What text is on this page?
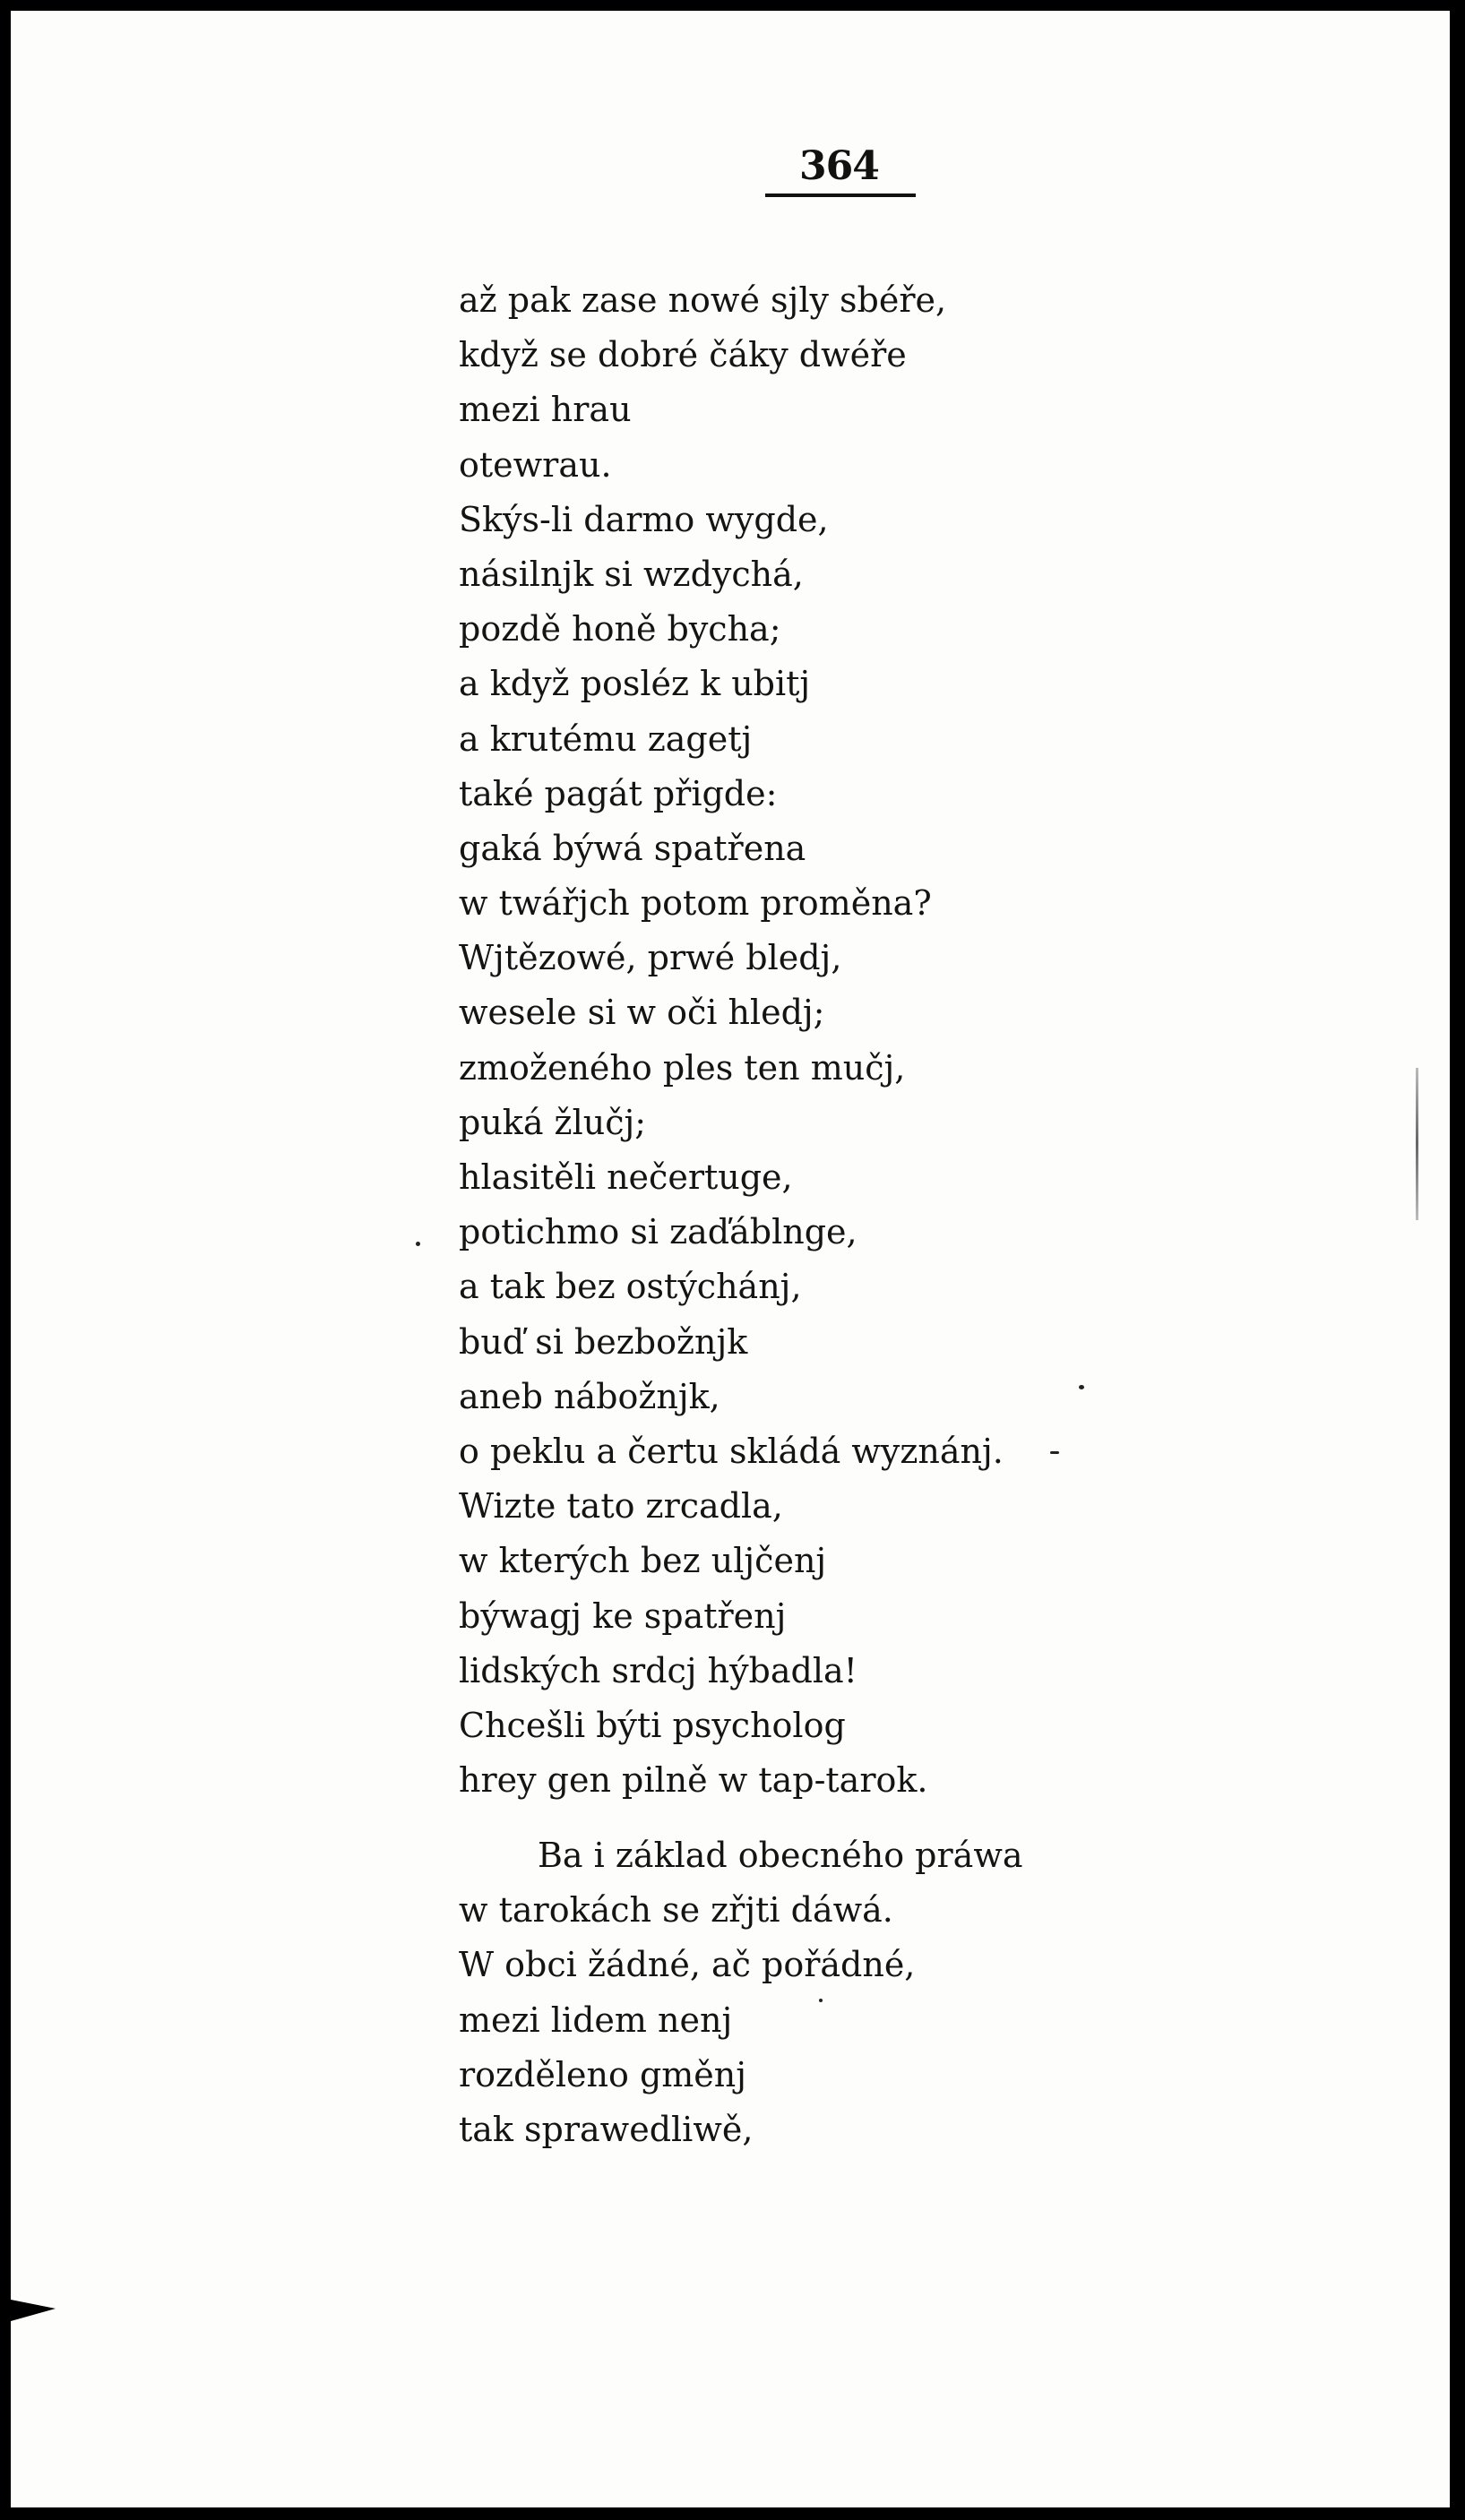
364
až pak zase nowé sjly sbéře,
když se dobré čáky dwéře
mezi hrau
otewrau.
Skýs-li darmo wygde,
násilnjk si wzdychá,
pozdě honě bycha;
a když posléz k ubitj
a krutému zagetj
také pagát přigde:
gaká býwá spatřena
w twářjch potom proměna?
Wjtězowé, prwé bledj,
wesele si w oči hledj;
zmoženého ples ten mučj,
puká žlučj;
hlasitěli nečertuge,
potichmo si zaďáblnge,
a tak bez ostýchánj,
buď si bezbožnjk
aneb nábožnjk,
o peklu a čertu skládá wyznánj.
Wizte tato zrcadla,
w kterých bez uljčenj
býwagj ke spatřenj
lidských srdcj hýbadla!
Chcešli býti psycholog
hrey gen pilně w tap-tarok.
Ba i základ obecného práwa
w tarokách se zřjti dáwá.
W obci žádné, ač pořádné,
mezi lidem nenj
rozděleno gměnj
tak sprawedliwě,
